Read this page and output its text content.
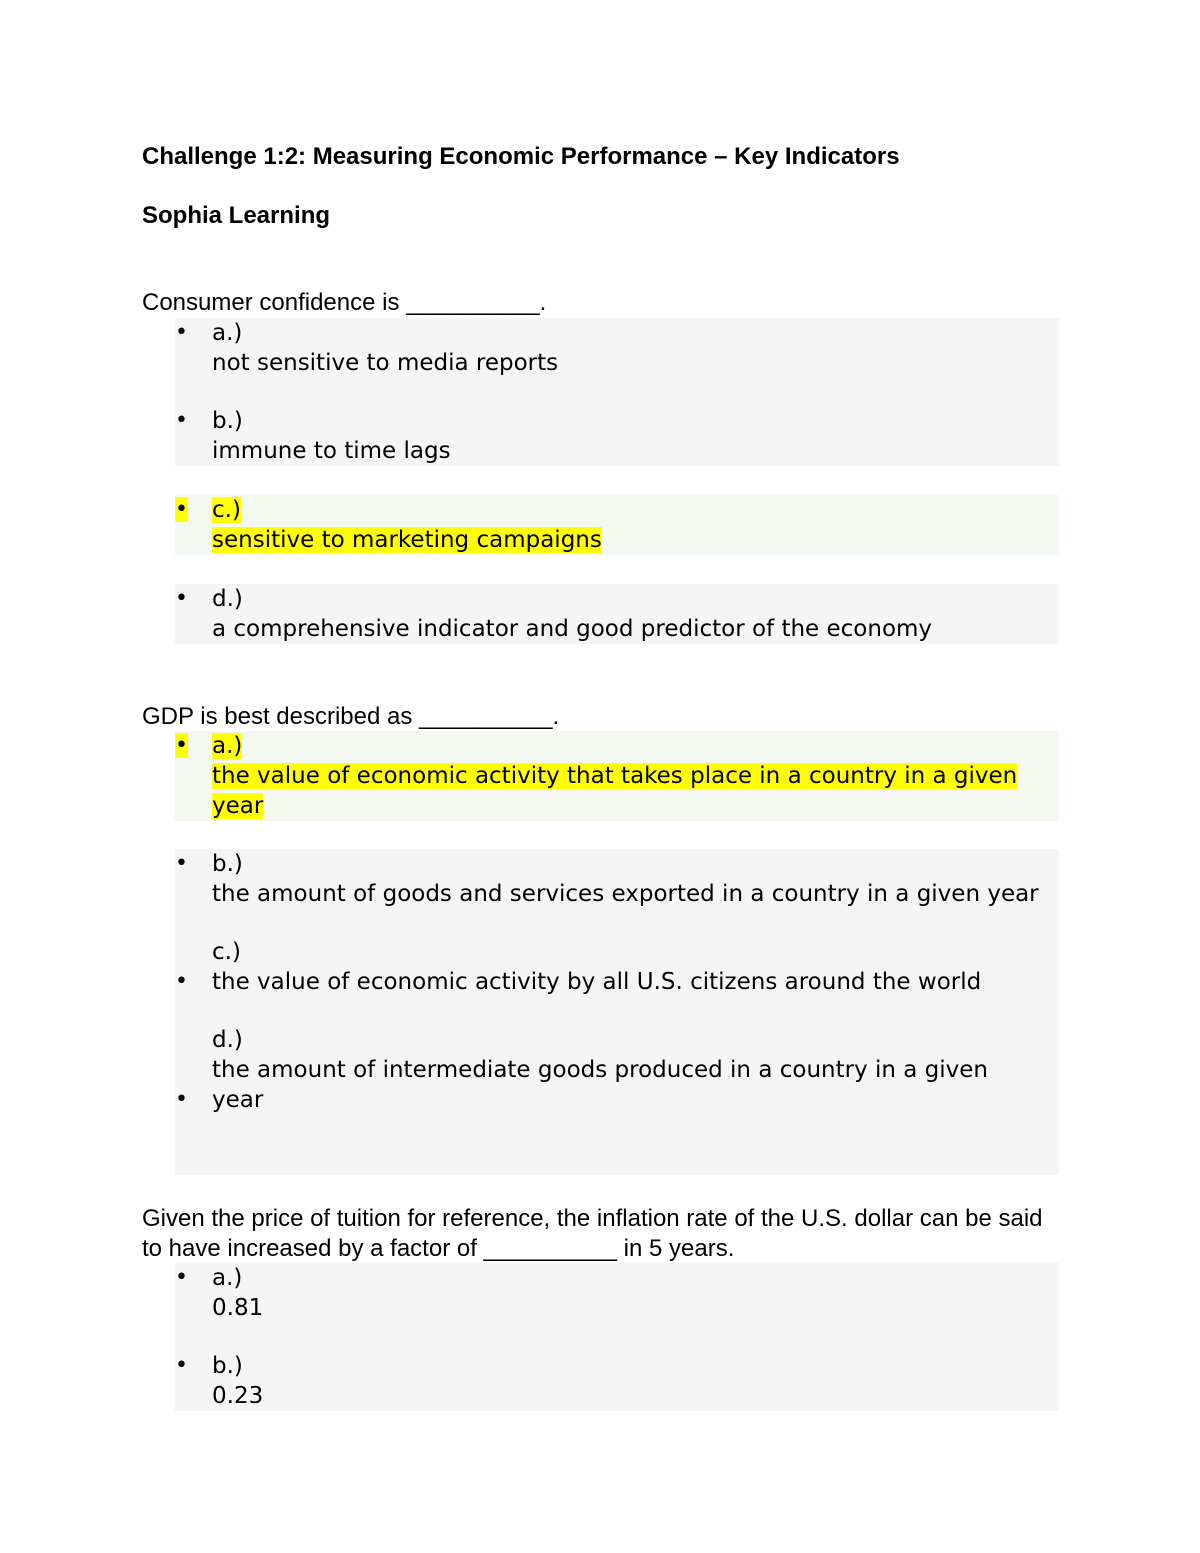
Challenge 1:2: Measuring Economic Performance – Key Indicators
Sophia Learning

Consumer confidence is __________.

• a.)
not sensitive to media reports
b.)
immune to time lags
•
• c.)
sensitive to marketing campaigns
• d.)
a comprehensive indicator and good predictor of the economy

GDP is best described as __________.

• a.)
the value of economic activity that takes place in a country in a given year
• b.)
the amount of goods and services exported in a country in a given year
•
c.)
the value of economic activity by all U.S. citizens around the world
•
d.)
the amount of intermediate goods produced in a country in a given year

Given the price of tuition for reference, the inflation rate of the U.S. dollar can be said to have increased by a factor of __________ in 5 years.

• a.)
0.81
• b.)
0.23
